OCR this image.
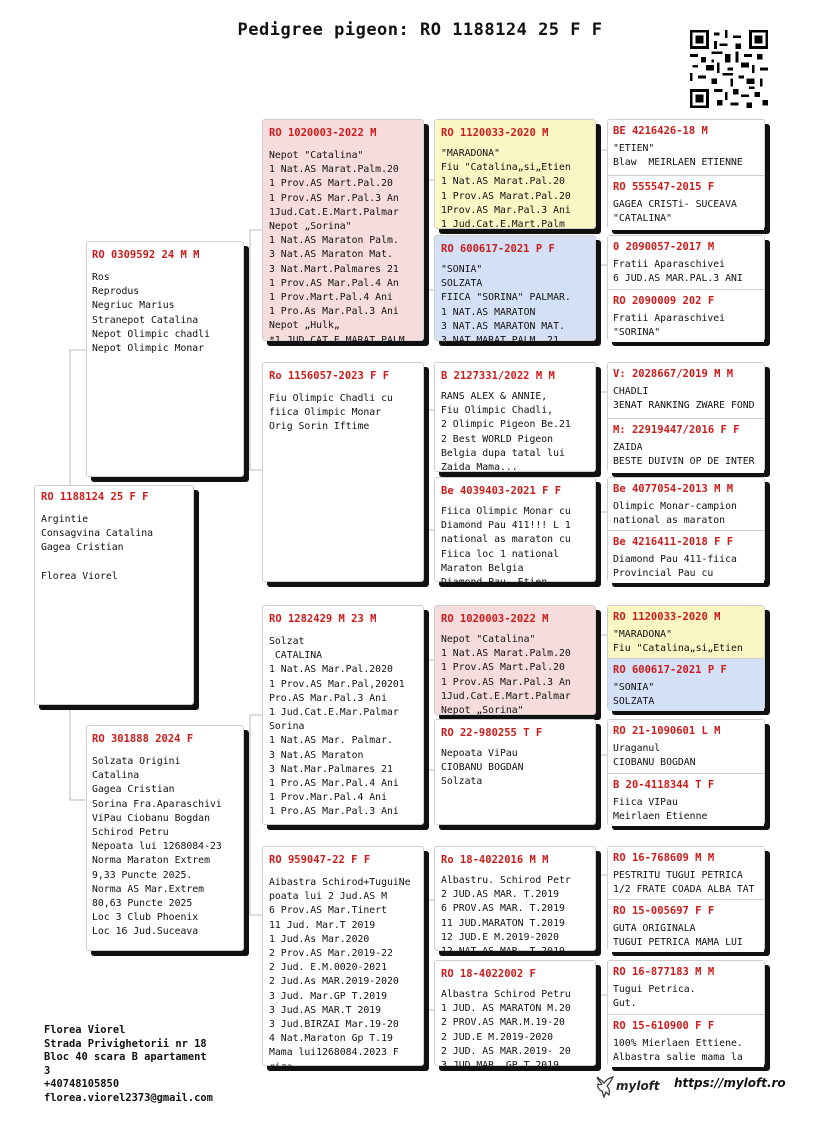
Pedigree pigeon: RO 1188124 25 F F
RO 1188124 25 F F
Argintie
Consagvina Catalina
Gagea Cristian

Florea Viorel
RO 0309592 24 M M
Ros
Reprodus
Negriuc Marius
Stranepot Catalina
Nepot Olimpic chadli
Nepot Olimpic Monar
RO 301888 2024 F
Solzata Origini
Catalina
Gagea Cristian
Sorina Fra.Aparaschivi
ViPau Ciobanu Bogdan
Schirod Petru
Nepoata lui 1268084-23
Norma Maraton Extrem
9,33 Puncte 2025.
Norma AS Mar.Extrem
80,63 Puncte 2025
Loc 3 Club Phoenix
Loc 16 Jud.Suceava
RO 1020003-2022 M
Nepot "Catalina"
1 Nat.AS Marat.Palm.20
1 Prov.AS Mart.Pal.20
1 Prov.AS Mar.Pal.3 An
1Jud.Cat.E.Mart.Palmar
Nepot „Sorina"
1 Nat.AS Maraton Palm.
3 Nat.AS Maraton Mat.
3 Nat.Mart.Palmares 21
1 Prov.AS Mar.Pal.4 An
1 Prov.Mart.Pal.4 Ani
1 Pro.As Mar.Pal.3 Ani
Nepot „Hulk„
*1 JUD.CAT.E.MARAT.PALM
Ro 1156057-2023 F F
Fiu Olimpic Chadli cu
fiica Olimpic Monar
Orig Sorin Iftime
RO 1282429 M 23 M
Solzat
CATALINA
1 Nat.AS Mar.Pal.2020
1 Prov.AS Mar.Pal,20201
Pro.AS Mar.Pal.3 Ani
1 Jud.Cat.E.Mar.Palmar
Sorina
1 Nat.AS Mar. Palmar.
3 Nat.AS Maraton
3 Nat.Mar.Palmares 21
1 Pro.AS Mar.Pal.4 Ani
1 Prov.Mar.Pal.4 Ani
1 Pro.AS Mar.Pal.3 Ani
RO 959047-22 F F
Aibastra Schirod+TuguiNe
poata lui 2 Jud.AS M
6 Prov.AS Mar.Tinert
11 Jud. Mar.T 2019
1 Jud.As Mar.2020
2 Prov.AS Mar.2019-22
2 Jud. E.M.0020-2021
2 Jud.As MAR.2019-2020
3 Jud. Mar.GP T.2019
3 Jud.AS MAR.T 2019
3 Jud.BIRZAI Mar.19-20
4 Nat.Maraton Gp T.19
Mama lui1268084.2023 F
riza
RO 1120033-2020 M
"MARADONA"
Fiu "Catalina„si„Etien
1 Nat.AS Marat.Pal.20
1 Prov.AS Marat.Pal.20
1Prov.AS Mar.Pal.3 Ani
1 Jud.Cat.E.Mart.Palm
RO 600617-2021 P F
"SONIA"
SOLZATA
FIICA "SORINA" PALMAR.
1 NAT.AS MARATON
3 NAT.AS MARATON MAT.
3 NAT.MARAT.PALM. 21
B 2127331/2022 M M
RANS ALEX & ANNIE,
Fiu Olimpic Chadli,
2 Olimpic Pigeon Be.21
2 Best WORLD Pigeon
Belgia dupa tatal lui
Zaida Mama...
Be 4039403-2021 F F
Fiica Olimpic Monar cu
Diamond Pau 411!!! L 1
national as maraton cu
Fiica loc 1 national
Maraton Belgia
Diamond Pau..Etien
RO 1020003-2022 M
Nepot "Catalina"
1 Nat.AS Marat.Palm.20
1 Prov.AS Mart.Pal.20
1 Prov.AS Mar.Pal.3 An
1Jud.Cat.E.Mart.Palmar
Nepot „Sorina"
RO 22-980255 T F
Nepoata ViPau
CIOBANU BOGDAN
Solzata
Ro 18-4022016 M M
Albastru. Schirod Petr
2 JUD.AS MAR. T.2019
6 PROV.AS MAR. T.2019
11 JUD.MARATON T.2019
12 JUD.E M.2019-2020
12 NAT.AS MAR. T.2019
RO 18-4022002 F
Albastra Schirod Petru
1 JUD. AS MARATON M.20
2 PROV.AS MAR.M.19-20
2 JUD.E M.2019-2020
2 JUD. AS MAR.2019- 20
3 JUD.MAR. GP T.2019
BE 4216426-18 M
"ETIEN"
Blaw  MEIRLAEN ETIENNE
RO 555547-2015 F
GAGEA CRISTi- SUCEAVA
"CATALINA"
0 2090057-2017 M
Fratii Aparaschivei
6 JUD.AS MAR.PAL.3 ANI
RO 2090009 202 F
Fratii Aparaschivei
"SORINA"
V: 2028667/2019 M M
CHADLI
3ENAT RANKING ZWARE FOND
M: 22919447/2016 F F
ZAIDA
BESTE DUIVIN OP DE INTER
Be 4077054-2013 M M
Olimpic Monar-campion
national as maraton
Be 4216411-2018 F F
Diamond Pau 411-fiica
Provincial Pau cu
RO 1120033-2020 M
"MARADONA"
Fiu "Catalina„si„Etien
RO 600617-2021 P F
"SONIA"
SOLZATA
RO 21-1090601 L M
Uraganul
CIOBANU BOGDAN
B 20-4118344 T F
Fiica VIPau
Meirlaen Etienne
RO 16-768609 M M
PESTRITU TUGUI PETRICA
1/2 FRATE COADA ALBA TAT
RO 15-005697 F F
GUTA ORIGINALA
TUGUI PETRICA MAMA LUI
RO 16-877183 M M
Tugui Petrica.
Gut.
RO 15-610900 F F
100% Mierlaen Ettiene.
Albastra salie mama la
Florea Viorel
Strada Privighetorii nr 18
Bloc 40 scara B apartament
3
+40748105850
florea.viorel2373@gmail.com
myloft https://myloft.ro
